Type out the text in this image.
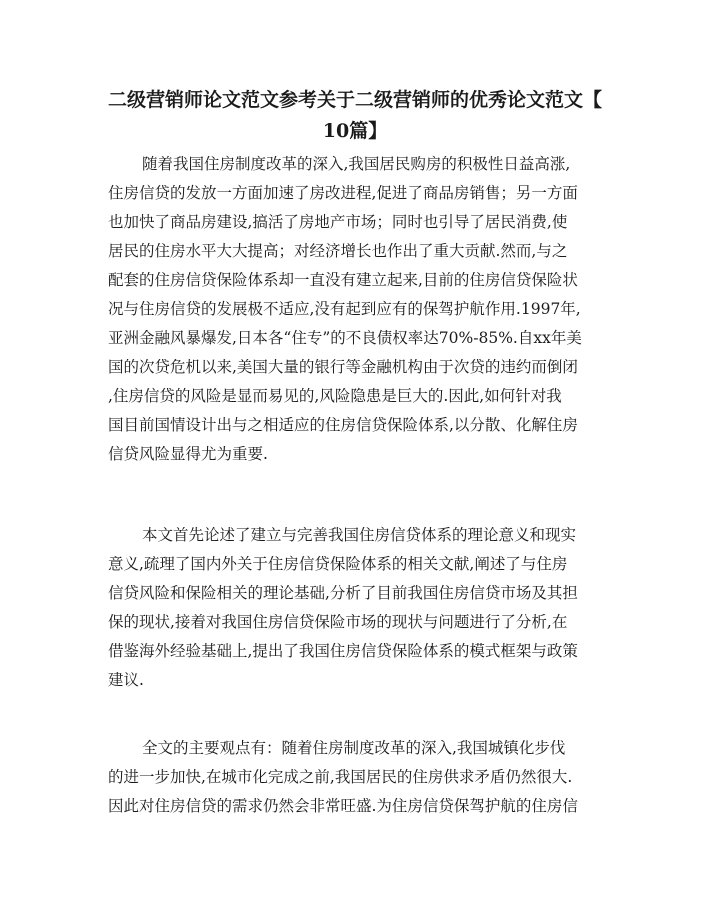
二级营销师论文范文参考关于二级营销师的优秀论文范文【
10篇】
随着我国住房制度改革的深入,我国居民购房的积极性日益高涨,
住房信贷的发放一方面加速了房改进程,促进了商品房销售；另一方面
也加快了商品房建设,搞活了房地产市场；同时也引导了居民消费,使
居民的住房水平大大提高；对经济增长也作出了重大贡献.然而,与之
配套的住房信贷保险体系却一直没有建立起来,目前的住房信贷保险状
况与住房信贷的发展极不适应,没有起到应有的保驾护航作用.1997年,
亚洲金融风暴爆发,日本各“住专”的不良债权率达70%-85%.自xx年美
国的次贷危机以来,美国大量的银行等金融机构由于次贷的违约而倒闭
,住房信贷的风险是显而易见的,风险隐患是巨大的.因此,如何针对我
国目前国情设计出与之相适应的住房信贷保险体系,以分散、化解住房
信贷风险显得尤为重要.
本文首先论述了建立与完善我国住房信贷体系的理论意义和现实
意义,疏理了国内外关于住房信贷保险体系的相关文献,阐述了与住房
信贷风险和保险相关的理论基础,分析了目前我国住房信贷市场及其担
保的现状,接着对我国住房信贷保险市场的现状与问题进行了分析,在
借鉴海外经验基础上,提出了我国住房信贷保险体系的模式框架与政策
建议.
全文的主要观点有：随着住房制度改革的深入,我国城镇化步伐
的进一步加快,在城市化完成之前,我国居民的住房供求矛盾仍然很大.
因此对住房信贷的需求仍然会非常旺盛.为住房信贷保驾护航的住房信
